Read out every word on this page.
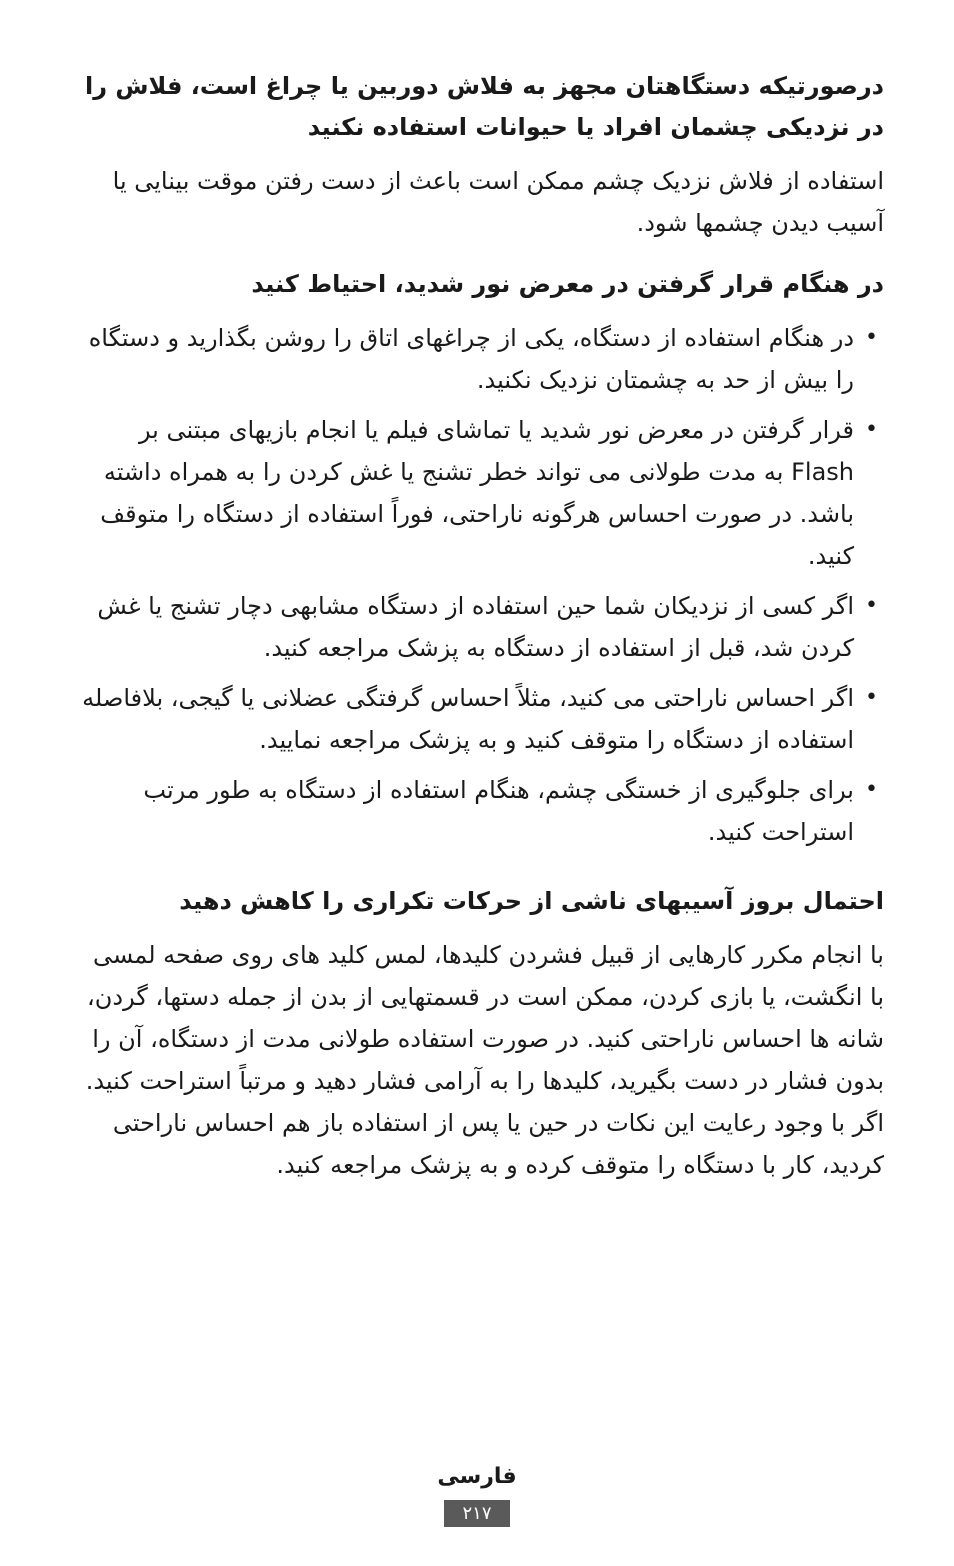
درصورتیکه دستگاهتان مجهز به فلاش دوربین یا چراغ است، فلاش را در نزدیکی چشمان افراد یا حیوانات استفاده نکنید

استفاده از فلاش نزدیک چشم ممکن است باعث از دست رفتن موقت بینایی یا آسیب دیدن چشمها شود.

در هنگام قرار گرفتن در معرض نور شدید، احتیاط کنید

•
در هنگام استفاده از دستگاه، یکی از چراغهای اتاق را روشن بگذارید و دستگاه را بیش از حد به چشمتان نزدیک نکنید.
•
قرار گرفتن در معرض نور شدید یا تماشای فیلم یا انجام بازیهای مبتنی بر Flash به مدت طولانی می تواند خطر تشنج یا غش کردن را به همراه داشته باشد. در صورت احساس هرگونه ناراحتی، فوراً استفاده از دستگاه را متوقف کنید.
•
اگر کسی از نزدیکان شما حین استفاده از دستگاه مشابهی دچار تشنج یا غش کردن شد، قبل از استفاده از دستگاه به پزشک مراجعه کنید.
•
اگر احساس ناراحتی می کنید، مثلاً احساس گرفتگی عضلانی یا گیجی، بلافاصله استفاده از دستگاه را متوقف کنید و به پزشک مراجعه نمایید.
•
برای جلوگیری از خستگی چشم، هنگام استفاده از دستگاه به طور مرتب استراحت کنید.

احتمال بروز آسیبهای ناشی از حرکات تکراری را کاهش دهید

با انجام مکرر کارهایی از قبیل فشردن کلیدها، لمس کلید های روی صفحه لمسی با انگشت، یا بازی کردن، ممکن است در قسمتهایی از بدن از جمله دستها، گردن، شانه ها احساس ناراحتی کنید. در صورت استفاده طولانی مدت از دستگاه، آن را بدون فشار در دست بگیرید، کلیدها را به آرامی فشار دهید و مرتباً استراحت کنید. اگر با وجود رعایت این نکات در حین یا پس از استفاده باز هم احساس ناراحتی کردید، کار با دستگاه را متوقف کرده و به پزشک مراجعه کنید.

فارسی
۲۱۷
